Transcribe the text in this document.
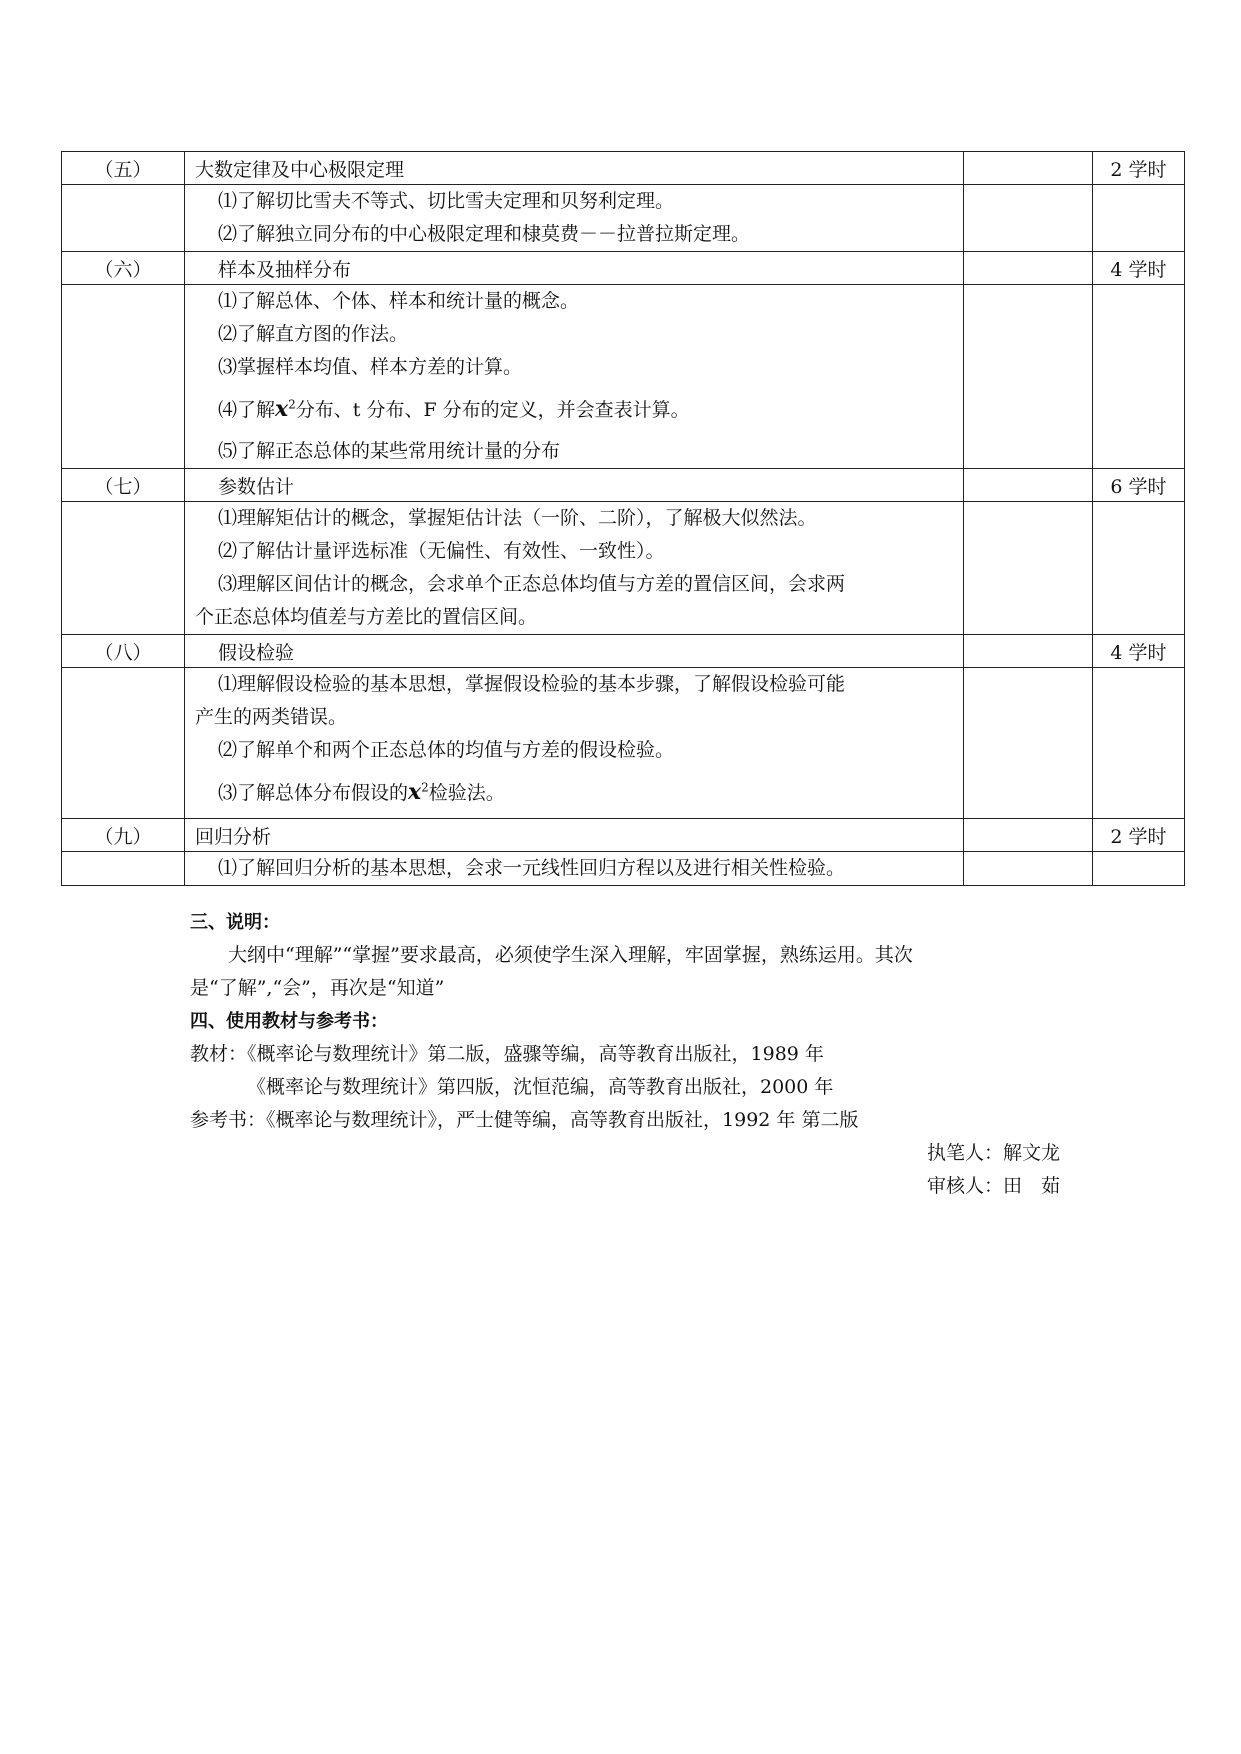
（五）	大数定律及中心极限定理		2 学时

	⑴了解切比雪夫不等式、切比雪夫定理和贝努利定理。
⑵了解独立同分布的中心极限定理和棣莫费－－拉普拉斯定理。		

（六）	样本及抽样分布		4 学时

	⑴了解总体、个体、样本和统计量的概念。
⑵了解直方图的作法。
⑶掌握样本均值、样本方差的计算。
⑷了解$x^2$分布、t 分布、F 分布的定义，并会查表计算。
⑸了解正态总体的某些常用统计量的分布		

（七）	参数估计		6 学时

	⑴理解矩估计的概念，掌握矩估计法（一阶、二阶），了解极大似然法。
⑵了解估计量评选标准（无偏性、有效性、一致性）。
⑶理解区间估计的概念，会求单个正态总体均值与方差的置信区间，会求两
个正态总体均值差与方差比的置信区间。		

（八）	假设检验		4 学时

	⑴理解假设检验的基本思想，掌握假设检验的基本步骤，了解假设检验可能
产生的两类错误。
⑵了解单个和两个正态总体的均值与方差的假设检验。
⑶了解总体分布假设的$x^2$检验法。		

（九）	回归分析		2 学时

	⑴了解回归分析的基本思想，会求一元线性回归方程以及进行相关性检验。		

三、说明：
大纲中“理解”“掌握”要求最高，必须使学生深入理解，牢固掌握，熟练运用。其次
是“了解”,“会”，再次是“知道”
四、使用教材与参考书：
教材：《概率论与数理统计》第二版，盛骤等编，高等教育出版社，1989 年
《概率论与数理统计》第四版，沈恒范编，高等教育出版社，2000 年
参考书：《概率论与数理统计》，严士健等编，高等教育出版社，1992 年 第二版
执笔人：解文龙
审核人：田　茹
